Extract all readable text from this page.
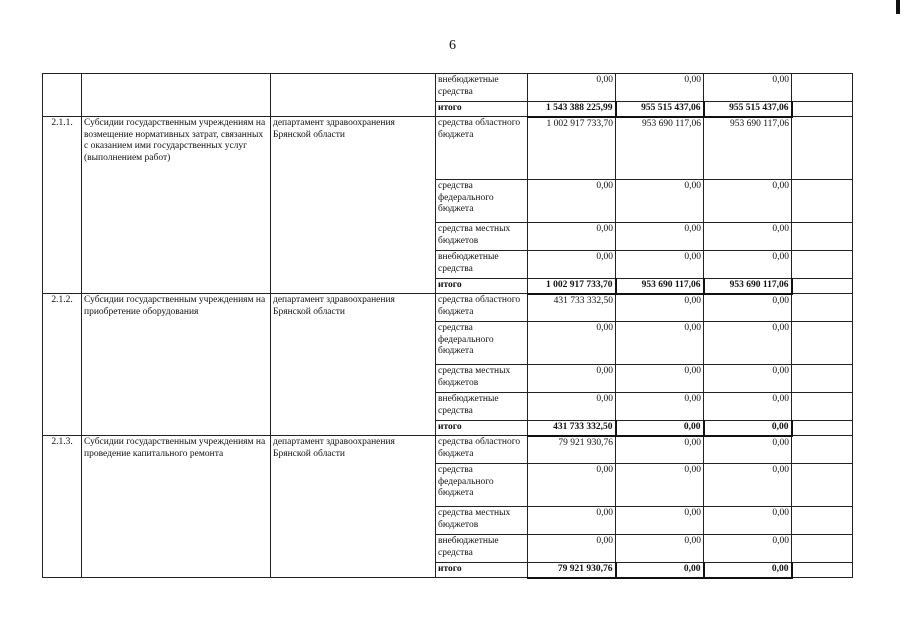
6
			внебюджетные средства	0,00	0,00	0,00	
			итого	1 543 388 225,99	955 515 437,06	955 515 437,06	
2.1.1.	Субсидии государственным учреждениям на возмещение нормативных затрат, связанных с оказанием ими государственных услуг (выполнением работ)	департамент здравоохранения Брянской области	средства областного бюджета	1 002 917 733,70	953 690 117,06	953 690 117,06	
			средства федерального бюджета	0,00	0,00	0,00	
			средства местных бюджетов	0,00	0,00	0,00	
			внебюджетные средства	0,00	0,00	0,00	
			итого	1 002 917 733,70	953 690 117,06	953 690 117,06	
2.1.2.	Субсидии государственным учреждениям на приобретение оборудования	департамент здравоохранения Брянской области	средства областного бюджета	431 733 332,50	0,00	0,00	
			средства федерального бюджета	0,00	0,00	0,00	
			средства местных бюджетов	0,00	0,00	0,00	
			внебюджетные средства	0,00	0,00	0,00	
			итого	431 733 332,50	0,00	0,00	
2.1.3.	Субсидии государственным учреждениям на проведение капитального ремонта	департамент здравоохранения Брянской области	средства областного бюджета	79 921 930,76	0,00	0,00	
			средства федерального бюджета	0,00	0,00	0,00	
			средства местных бюджетов	0,00	0,00	0,00	
			внебюджетные средства	0,00	0,00	0,00	
			итого	79 921 930,76	0,00	0,00	
